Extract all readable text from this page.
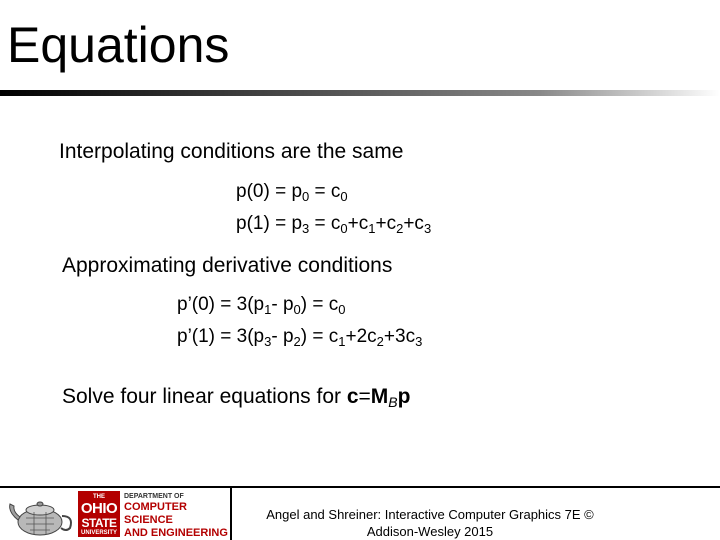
Equations
Interpolating conditions are the same
$p(0) = p_0 = c_0$
$p(1) = p_3 = c_0+c_1+c_2+c_3$
Approximating derivative conditions
p’(0) = $3(p_1-$ $p_0) = c_0$
p’(1) = $3(p_3-$ $p_2) = c_1+2c_2+3c_3$
Solve four linear equations for c=MBp
THE
OHIO
STATE
UNIVERSITY
DEPARTMENT OF
COMPUTER SCIENCE
AND ENGINEERING
Angel and Shreiner: Interactive Computer Graphics 7E ©
Addison-Wesley 2015
